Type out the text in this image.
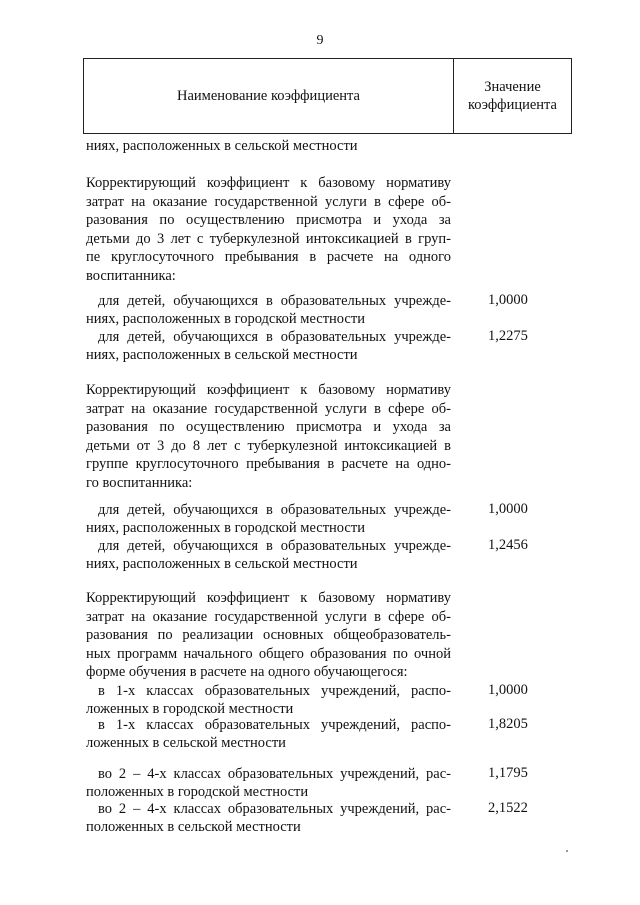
9
Наименование коэффициента
Значение
коэффициента
ниях, расположенных в сельской местности
Корректирующий коэффициент к базовому нормативу
затрат на оказание государственной услуги в сфере об-
разования по осуществлению присмотра и ухода за
детьми до 3 лет с туберкулезной интоксикацией в груп-
пе круглосуточного пребывания в расчете на одного
воспитанника:
для детей, обучающихся в образовательных учрежде-
ниях, расположенных в городской местности
1,0000
для детей, обучающихся в образовательных учрежде-
ниях, расположенных в сельской местности
1,2275
Корректирующий коэффициент к базовому нормативу
затрат на оказание государственной услуги в сфере об-
разования по осуществлению присмотра и ухода за
детьми от 3 до 8 лет с туберкулезной интоксикацией в
группе круглосуточного пребывания в расчете на одно-
го воспитанника:
для детей, обучающихся в образовательных учрежде-
ниях, расположенных в городской местности
1,0000
для детей, обучающихся в образовательных учрежде-
ниях, расположенных в сельской местности
1,2456
Корректирующий коэффициент к базовому нормативу
затрат на оказание государственной услуги в сфере об-
разования по реализации основных общеобразователь-
ных программ начального общего образования по очной
форме обучения в расчете на одного обучающегося:
в 1-х классах образовательных учреждений, распо-
ложенных в городской местности
1,0000
в 1-х классах образовательных учреждений, распо-
ложенных в сельской местности
1,8205
во 2 – 4-х классах образовательных учреждений, рас-
положенных в городской местности
1,1795
во 2 – 4-х классах образовательных учреждений, рас-
положенных в сельской местности
2,1522
